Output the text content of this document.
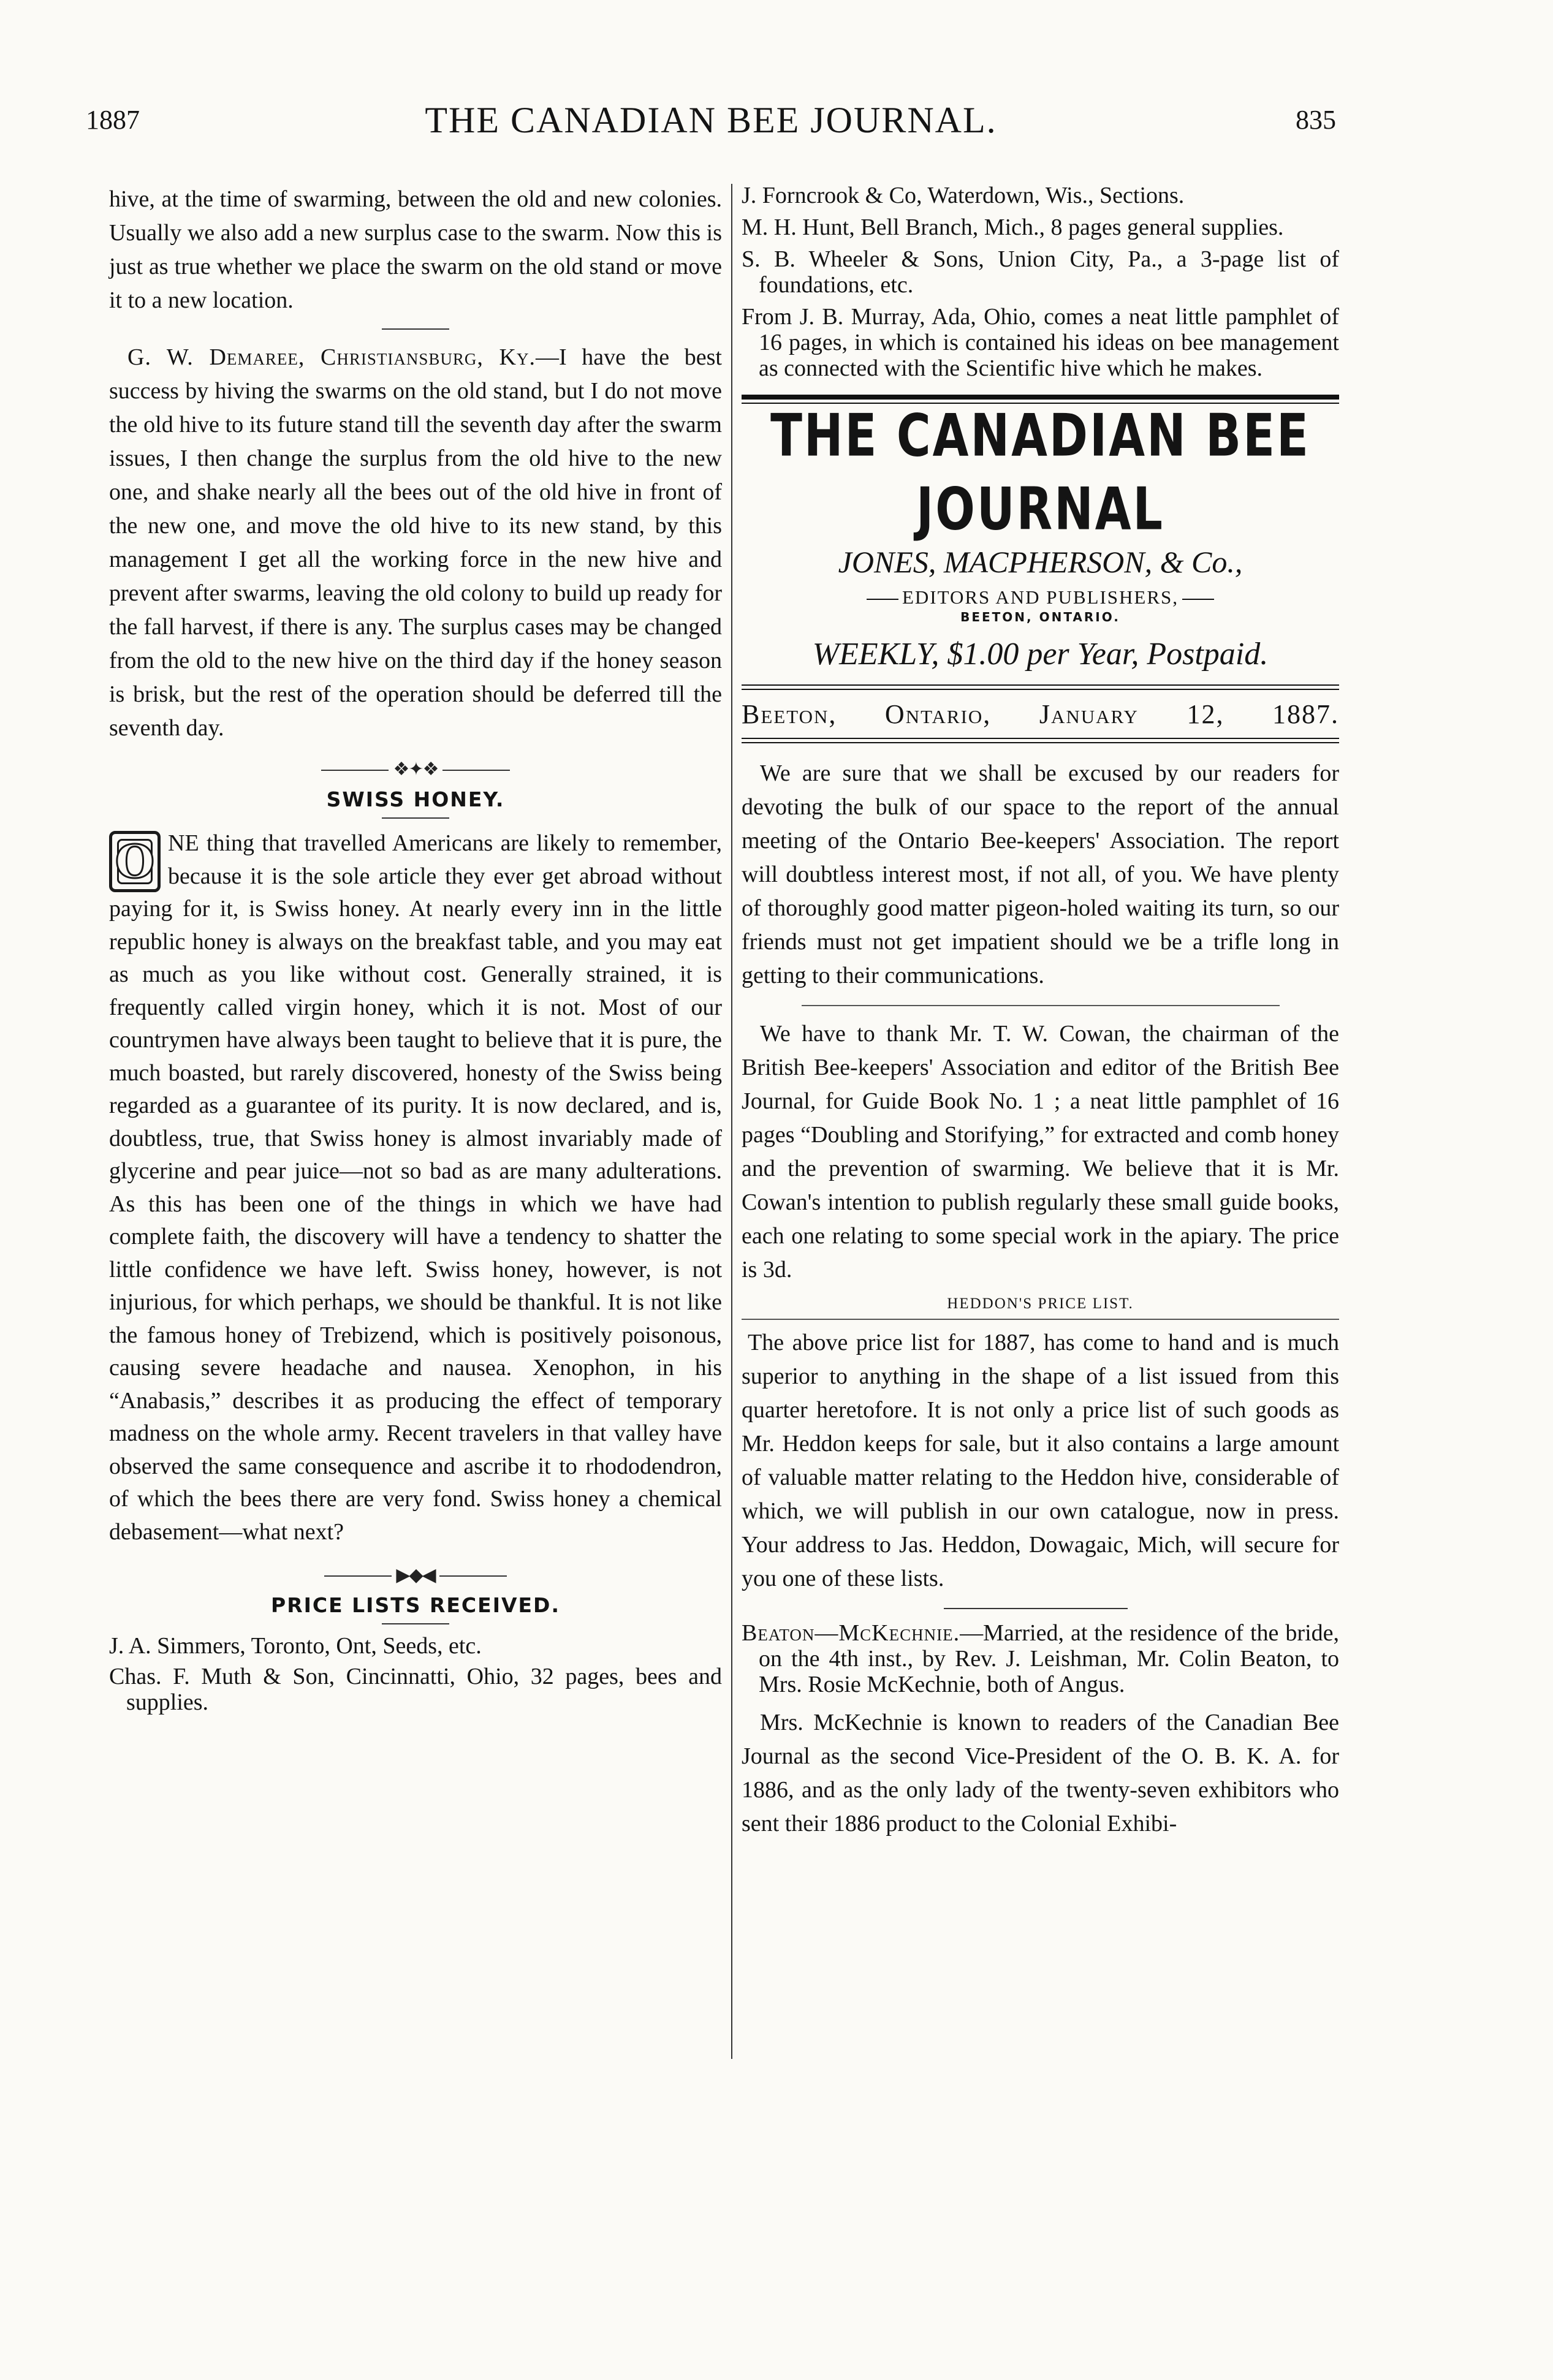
1887	THE CANADIAN BEE JOURNAL.	835

hive, at the time of swarming, between the old and new colonies. Usually we also add a new surplus case to the swarm. Now this is just as true whether we place the swarm on the old stand or move it to a new location.

G. W. Demaree, Christiansburg, Ky.—I have the best success by hiving the swarms on the old stand, but I do not move the old hive to its future stand till the seventh day after the swarm issues, I then change the surplus from the old hive to the new one, and shake nearly all the bees out of the old hive in front of the new one, and move the old hive to its new stand, by this management I get all the working force in the new hive and prevent after swarms, leaving the old colony to build up ready for the fall harvest, if there is any. The surplus cases may be changed from the old to the new hive on the third day if the honey season is brisk, but the rest of the operation should be deferred till the seventh day.

❖✦❖
SWISS HONEY.
O NE thing that travelled Americans are likely to remember, because it is the sole article they ever get abroad without paying for it, is Swiss honey. At nearly every inn in the little republic honey is always on the breakfast table, and you may eat as much as you like without cost. Generally strained, it is frequently called virgin honey, which it is not. Most of our countrymen have always been taught to believe that it is pure, the much boasted, but rarely discovered, honesty of the Swiss being regarded as a guarantee of its purity. It is now declared, and is, doubtless, true, that Swiss honey is almost invariably made of glycerine and pear juice—not so bad as are many adulterations. As this has been one of the things in which we have had complete faith, the discovery will have a tendency to shatter the little confidence we have left. Swiss honey, however, is not injurious, for which perhaps, we should be thankful. It is not like the famous honey of Trebizend, which is positively poisonous, causing severe headache and nausea. Xenophon, in his “Anabasis,” describes it as producing the effect of temporary madness on the whole army. Recent travelers in that valley have observed the same consequence and ascribe it to rhododendron, of which the bees there are very fond. Swiss honey a chemical debasement—what next?

▶◆◀
PRICE LISTS RECEIVED.

J. A. Simmers, Toronto, Ont, Seeds, etc.

Chas. F. Muth & Son, Cincinnatti, Ohio, 32 pages, bees and supplies.

J. Forncrook & Co, Waterdown, Wis., Sections.

M. H. Hunt, Bell Branch, Mich., 8 pages general supplies.

S. B. Wheeler & Sons, Union City, Pa., a 3-page list of foundations, etc.

From J. B. Murray, Ada, Ohio, comes a neat little pamphlet of 16 pages, in which is contained his ideas on bee management as connected with the Scientific hive which he makes.

THE CANADIAN BEE JOURNAL
JONES, MACPHERSON, & Co.,
EDITORS AND PUBLISHERS,
BEETON, ONTARIO.
WEEKLY, $1.00 per Year, Postpaid.
Beeton, Ontario, January 12, 1887.

We are sure that we shall be excused by our readers for devoting the bulk of our space to the report of the annual meeting of the Ontario Bee-keepers' Association. The report will doubtless interest most, if not all, of you. We have plenty of thoroughly good matter pigeon-holed waiting its turn, so our friends must not get impatient should we be a trifle long in getting to their communications.

We have to thank Mr. T. W. Cowan, the chairman of the British Bee-keepers' Association and editor of the British Bee Journal, for Guide Book No. 1 ; a neat little pamphlet of 16 pages “Doubling and Storifying,” for extracted and comb honey and the prevention of swarming. We believe that it is Mr. Cowan's intention to publish regularly these small guide books, each one relating to some special work in the apiary. The price is 3d.

HEDDON'S PRICE LIST.

The above price list for 1887, has come to hand and is much superior to anything in the shape of a list issued from this quarter heretofore. It is not only a price list of such goods as Mr. Heddon keeps for sale, but it also contains a large amount of valuable matter relating to the Heddon hive, considerable of which, we will publish in our own catalogue, now in press. Your address to Jas. Heddon, Dowagaic, Mich, will secure for you one of these lists.

Beaton—McKechnie.—Married, at the residence of the bride, on the 4th inst., by Rev. J. Leishman, Mr. Colin Beaton, to Mrs. Rosie McKechnie, both of Angus.

Mrs. McKechnie is known to readers of the Canadian Bee Journal as the second Vice-President of the O. B. K. A. for 1886, and as the only lady of the twenty-seven exhibitors who sent their 1886 product to the Colonial Exhibi-
